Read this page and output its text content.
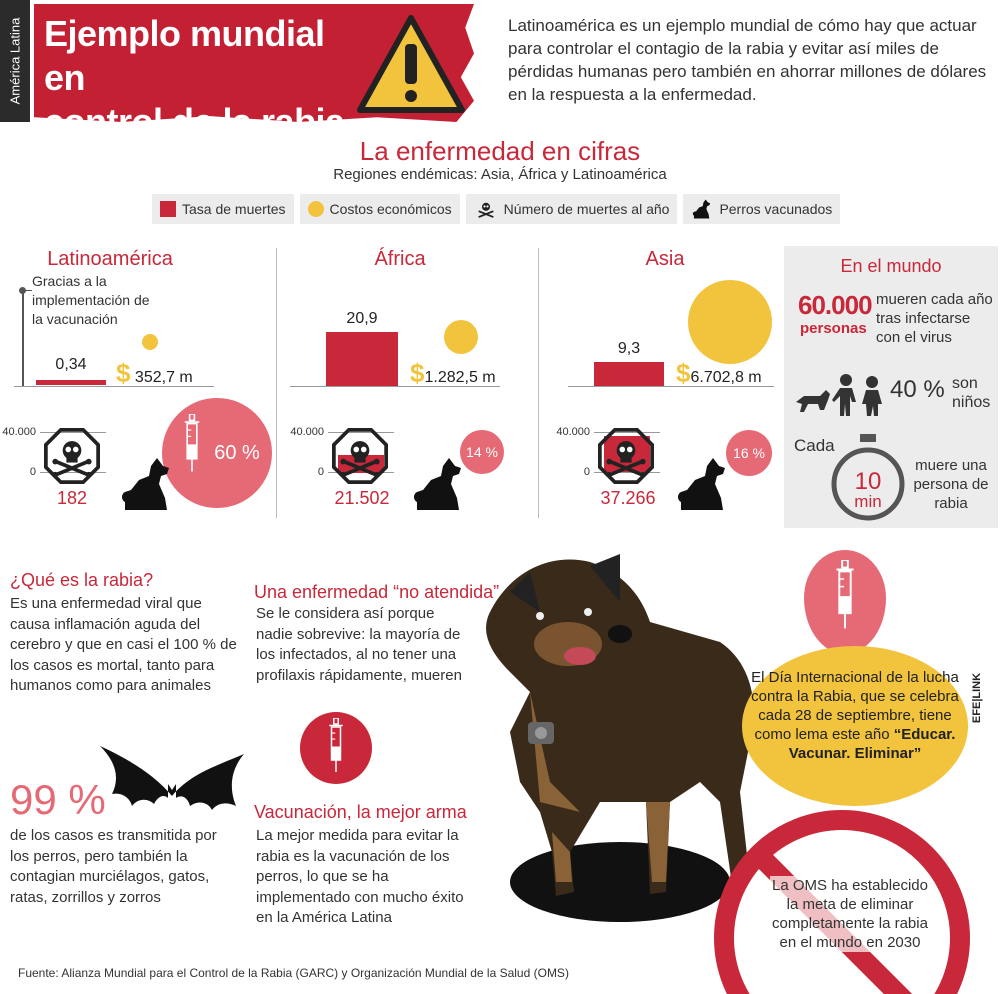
América Latina Ejemplo mundial en
control de la rabia
Latinoamérica es un ejemplo mundial de cómo hay que actuar para controlar el contagio de la rabia y evitar así miles de pérdidas humanas pero también en ahorrar millones de dólares en la respuesta a la enfermedad.
La enfermedad en cifras
Regiones endémicas: Asia, África y Latinoamérica
Tasa de muertes	Costos económicos	Número de muertes al año	Perros vacunados
Latinoamérica
Gracias a la implementación de la vacunación
0,34	$ 352,7 m
40.000
0
182
60 %
África
20,9
$1.282,5 m
40.000
0
21.502
14 %
Asia
9,3
$6.702,8 m
40.000
0
37.266
16 %
En el mundo
60.000
personas
mueren cada año tras infectarse con el virus
40 % son niños
Cada
10
min
muere una persona de rabia
¿Qué es la rabia?
Es una enfermedad viral que causa inflamación aguda del cerebro y que en casi el 100 % de los casos es mortal, tanto para humanos como para animales
99 %
de los casos es transmitida por los perros, pero también la contagian murciélagos, gatos, ratas, zorrillos y zorros
Una enfermedad “no atendida”
Se le considera así porque nadie sobrevive: la mayoría de los infectados, al no tener una profilaxis rápidamente, mueren
Vacunación, la mejor arma
La mejor medida para evitar la rabia es la vacunación de los perros, lo que se ha implementado con mucho éxito en la América Latina
El Día Internacional de la lucha contra la Rabia, que se celebra cada 28 de septiembre, tiene como lema este año “Educar. Vacunar. Eliminar”
EFE|LINK
La OMS ha establecido la meta de eliminar completamente la rabia en el mundo en 2030
Fuente: Alianza Mundial para el Control de la Rabia (GARC) y Organización Mundial de la Salud (OMS)
